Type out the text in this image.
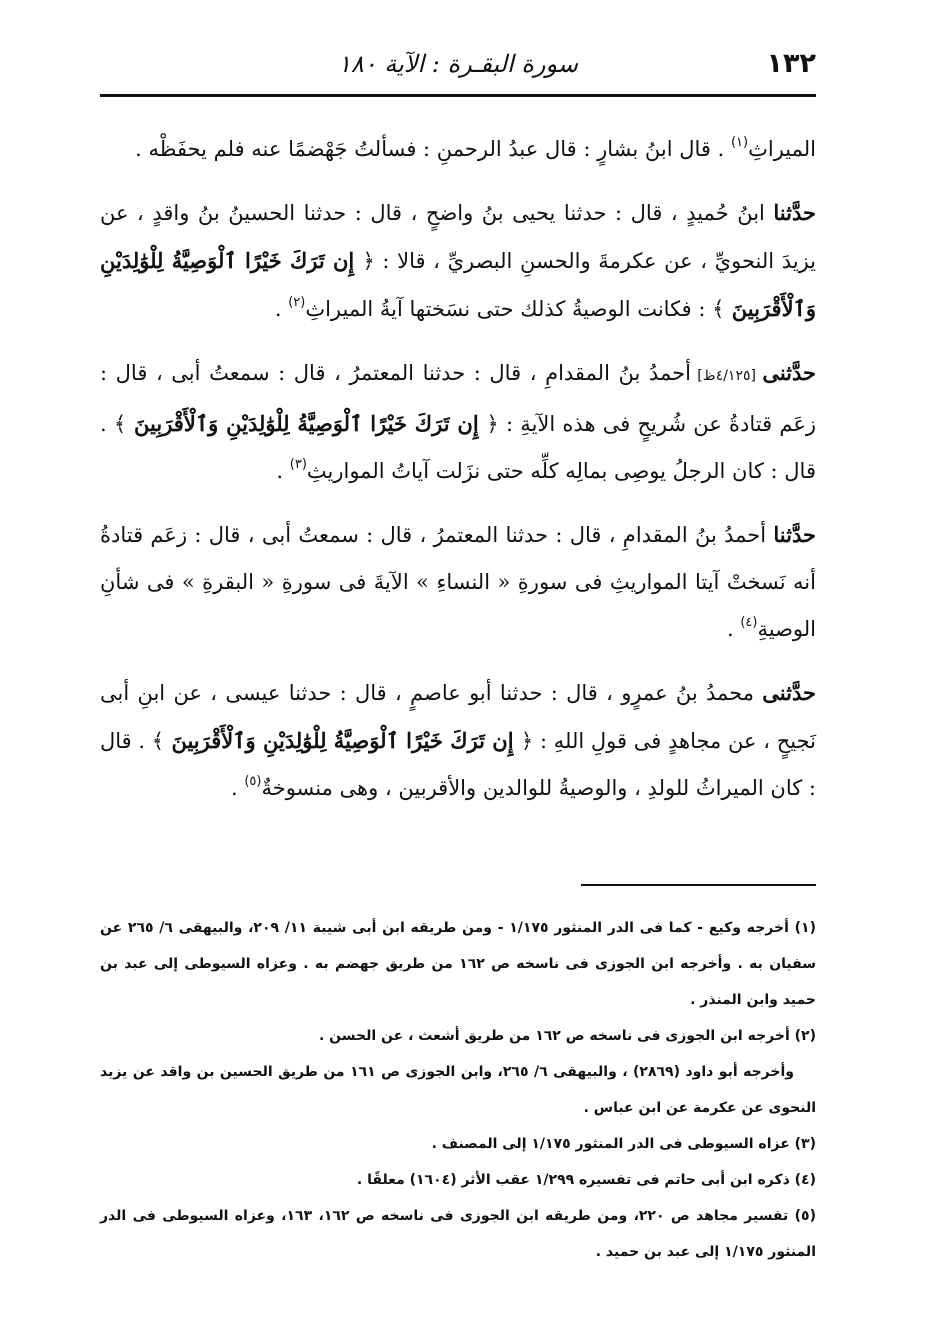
١٣٢
سورة البقـرة : الآية ١٨٠

الميراثِ$^{(١)}$ . قال ابنُ بشارٍ : قال عبدُ الرحمنِ : فسألتُ جَهْضمًا عنه فلم يحفَظْه .

حدَّثنا ابنُ حُميدٍ ، قال : حدثنا يحيى بنُ واضحٍ ، قال : حدثنا الحسينُ بنُ واقدٍ ، عن يزيدَ النحويِّ ، عن عكرمةَ والحسنِ البصريِّ ، قالا : ﴿ إِن تَرَكَ خَيْرًا ٱلْوَصِيَّةُ لِلْوَٰلِدَيْنِ وَٱلْأَقْرَبِينَ ﴾ : فكانت الوصيةُ كذلك حتى نسَختها آيةُ الميراثِ$^{(٢)}$ .

حدَّثنى [٤/١٢٥ظ] أحمدُ بنُ المقدامِ ، قال : حدثنا المعتمرُ ، قال : سمعتُ أبى ، قال : زعَم قتادةُ عن شُريحٍ فى هذه الآيةِ : ﴿ إِن تَرَكَ خَيْرًا ٱلْوَصِيَّةُ لِلْوَٰلِدَيْنِ وَٱلْأَقْرَبِينَ ﴾ . قال : كان الرجلُ يوصِى بمالِه كلِّه حتى نزَلت آياتُ المواريثِ$^{(٣)}$ .

حدَّثنا أحمدُ بنُ المقدامِ ، قال : حدثنا المعتمرُ ، قال : سمعتُ أبى ، قال : زعَم قتادةُ أنه نَسختْ آيتا المواريثِ فى سورةِ « النساءِ » الآيةَ فى سورةِ « البقرةِ » فى شأنِ الوصيةِ$^{(٤)}$ .

حدَّثنى محمدُ بنُ عمرٍو ، قال : حدثنا أبو عاصمٍ ، قال : حدثنا عيسى ، عن ابنِ أبى نَجيحٍ ، عن مجاهدٍ فى قولِ اللهِ : ﴿ إِن تَرَكَ خَيْرًا ٱلْوَصِيَّةُ لِلْوَٰلِدَيْنِ وَٱلْأَقْرَبِينَ ﴾ . قال : كان الميراثُ للولدِ ، والوصيةُ للوالدين والأقربين ، وهى منسوخةٌ$^{(٥)}$ .

(١) أخرجه وكيع - كما فى الدر المنثور ١/١٧٥ - ومن طريقه ابن أبى شيبة ١١/ ٢٠٩، والبيهقى ٦/ ٢٦٥ عن سفيان به . وأخرجه ابن الجوزى فى ناسخه ص ١٦٢ من طريق جهضم به . وعزاه السيوطى إلى عبد بن حميد وابن المنذر .

(٢) أخرجه ابن الجوزى فى ناسخه ص ١٦٢ من طريق أشعث ، عن الحسن .

وأخرجه أبو داود (٢٨٦٩) ، والبيهقى ٦/ ٢٦٥، وابن الجوزى ص ١٦١ من طريق الحسين بن واقد عن يزيد النحوى عن عكرمة عن ابن عباس .

(٣) عزاه السيوطى فى الدر المنثور ١/١٧٥ إلى المصنف .

(٤) ذكره ابن أبى حاتم فى تفسيره ١/٢٩٩ عقب الأثر (١٦٠٤) معلقًا .

(٥) تفسير مجاهد ص ٢٢٠، ومن طريقه ابن الجوزى فى ناسخه ص ١٦٢، ١٦٣، وعزاه السيوطى فى الدر المنثور ١/١٧٥ إلى عبد بن حميد .
